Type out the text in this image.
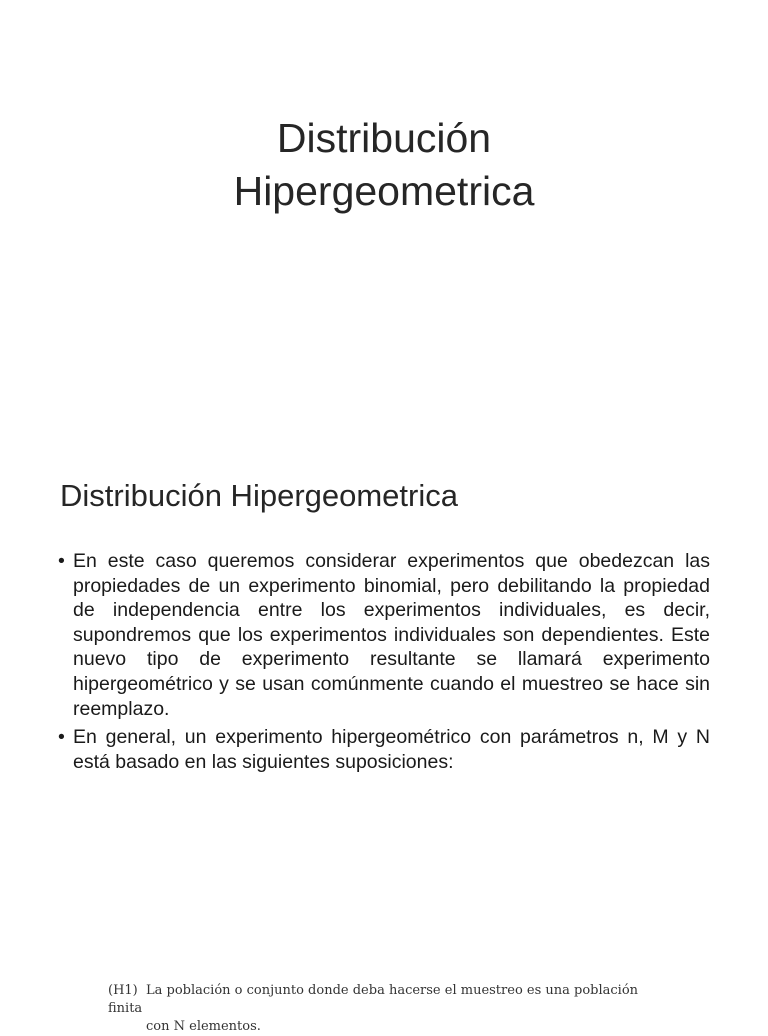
Distribución
Hipergeometrica
Distribución Hipergeometrica
• En este caso queremos considerar experimentos que obedezcan las propiedades de un experimento binomial, pero debilitando la propiedad de independencia entre los experimentos individuales, es decir, supondremos que los experimentos individuales son dependientes. Este nuevo tipo de experimento resultante se llamará experimento hipergeométrico y se usan comúnmente cuando el muestreo se hace sin reemplazo.
• En general, un experimento hipergeométrico con parámetros n, M y N está basado en las siguientes suposiciones:
(H1) La población o conjunto donde deba hacerse el muestreo es una población finita
con N elementos.
